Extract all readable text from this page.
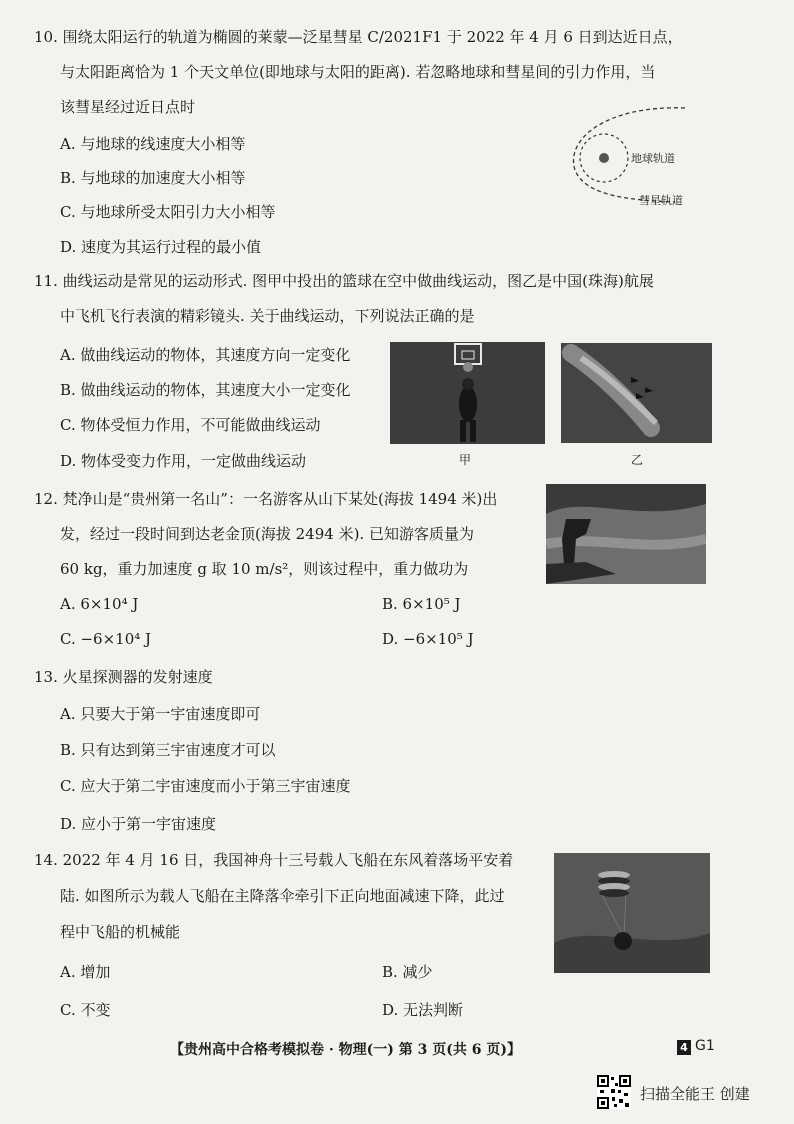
10. 围绕太阳运行的轨道为椭圆的莱蒙—泛星彗星 C/2021F1 于 2022 年 4 月 6 日到达近日点，
与太阳距离恰为 1 个天文单位(即地球与太阳的距离). 若忽略地球和彗星间的引力作用，当
该彗星经过近日点时
A. 与地球的线速度大小相等
B. 与地球的加速度大小相等
C. 与地球所受太阳引力大小相等
D. 速度为其运行过程的最小值
地球轨道
彗星轨道
11. 曲线运动是常见的运动形式. 图甲中投出的篮球在空中做曲线运动，图乙是中国(珠海)航展
中飞机飞行表演的精彩镜头. 关于曲线运动，下列说法正确的是
A. 做曲线运动的物体，其速度方向一定变化
B. 做曲线运动的物体，其速度大小一定变化
C. 物体受恒力作用，不可能做曲线运动
D. 物体受变力作用，一定做曲线运动	甲	乙
12. 梵净山是“贵州第一名山”：一名游客从山下某处(海拔 1494 米)出
发，经过一段时间到达老金顶(海拔 2494 米). 已知游客质量为
60 kg，重力加速度 g 取 10 m/s²，则该过程中，重力做功为
A. 6×10⁴ J	B. 6×10⁵ J
C. −6×10⁴ J	D. −6×10⁵ J
13. 火星探测器的发射速度
A. 只要大于第一宇宙速度即可
B. 只有达到第三宇宙速度才可以
C. 应大于第二宇宙速度而小于第三宇宙速度
D. 应小于第一宇宙速度
14. 2022 年 4 月 16 日，我国神舟十三号载人飞船在东风着落场平安着
陆. 如图所示为载人飞船在主降落伞牵引下正向地面减速下降，此过
程中飞船的机械能
A. 增加	B. 减少
C. 不变	D. 无法判断
【贵州高中合格考模拟卷 · 物理(一) 第 3 页(共 6 页)】	4 G1
扫描全能王 创建
